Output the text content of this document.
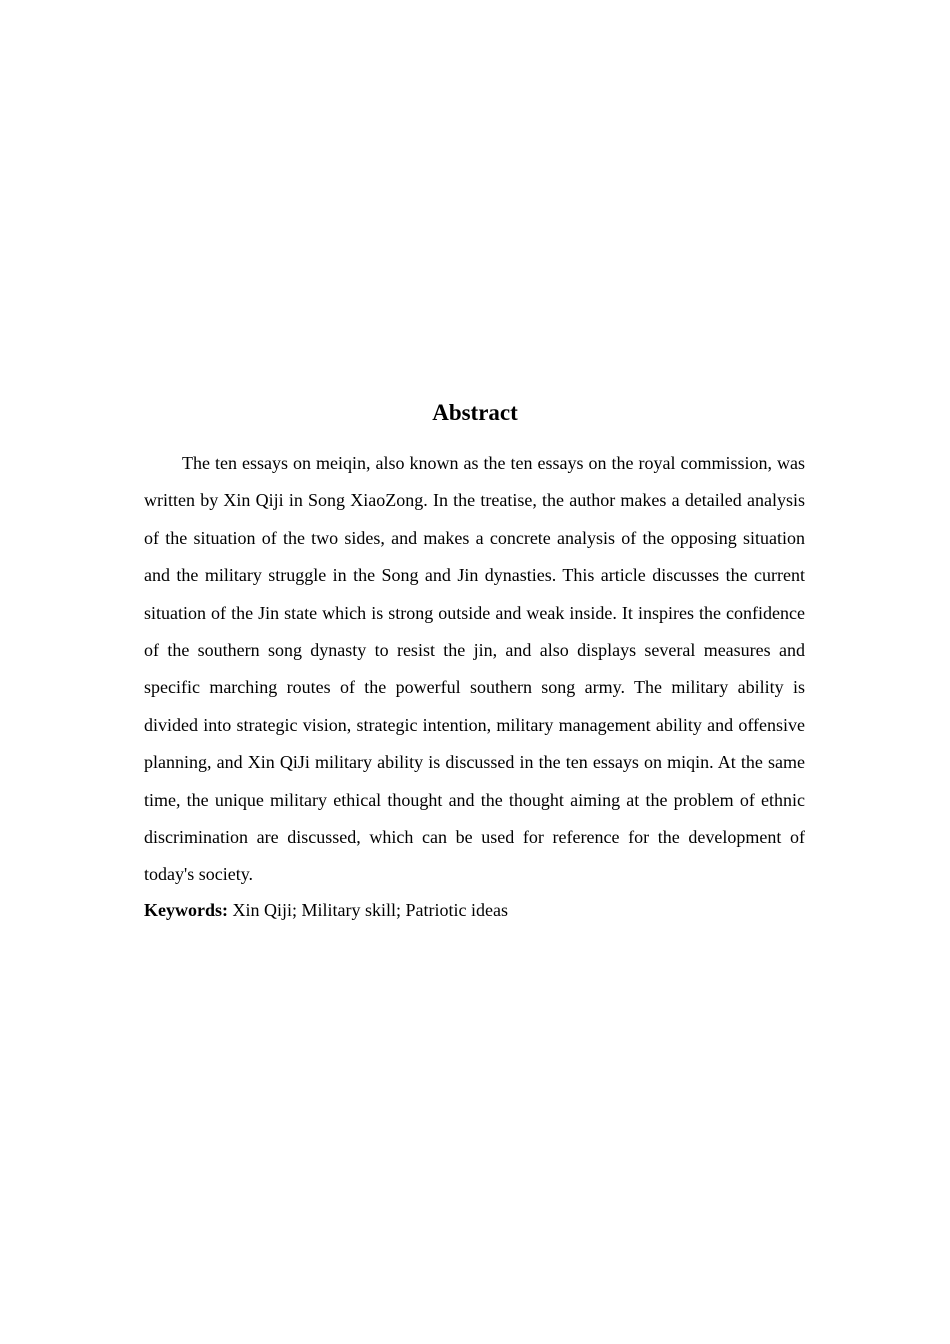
Abstract

The ten essays on meiqin, also known as the ten essays on the royal commission, was written by Xin Qiji in Song XiaoZong. In the treatise, the author makes a detailed analysis of the situation of the two sides, and makes a concrete analysis of the opposing situation and the military struggle in the Song and Jin dynasties. This article discusses the current situation of the Jin state which is strong outside and weak inside. It inspires the confidence of the southern song dynasty to resist the jin, and also displays several measures and specific marching routes of the powerful southern song army. The military ability is divided into strategic vision, strategic intention, military management ability and offensive planning, and Xin QiJi military ability is discussed in the ten essays on miqin. At the same time, the unique military ethical thought and the thought aiming at the problem of ethnic discrimination are discussed, which can be used for reference for the development of today's society.

Keywords: Xin Qiji; Military skill; Patriotic ideas
